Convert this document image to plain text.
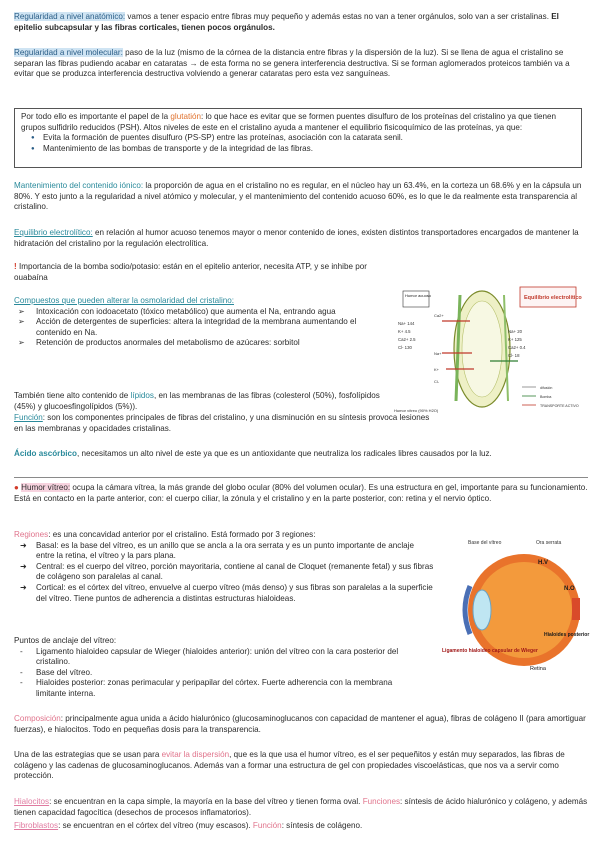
Regularidad a nivel anatómico: vamos a tener espacio entre fibras muy pequeño y además estas no van a tener orgánulos, solo van a ser cristalinas. El epitelio subcapsular y las fibras corticales, tienen pocos orgánulos.

Regularidad a nivel molecular: paso de la luz (mismo de la córnea de la distancia entre fibras y la dispersión de la luz). Si se llena de agua el cristalino se separan las fibras pudiendo acabar en cataratas → de esta forma no se genera interferencia destructiva. Si se forman aglomerados proteicos también va a evitar que se produzca interferencia destructiva volviendo a generar cataratas pero esta vez sanguíneas.

Por todo ello es importante el papel de la glutatión: lo que hace es evitar que se formen puentes disulfuro de los proteínas del cristalino ya que tienen grupos sulfidrilo reducidos (PSH). Altos niveles de este en el cristalino ayuda a mantener el equilibrio fisicoquímico de las proteínas, ya que:

● Evita la formación de puentes disulfuro (PS-SP) entre las proteínas, asociación con la catarata senil.
● Mantenimiento de las bombas de transporte y de la integridad de las fibras.

Mantenimiento del contenido iónico: la proporción de agua en el cristalino no es regular, en el núcleo hay un 63.4%, en la corteza un 68.6% y en la cápsula un 80%. Y esto junto a la regularidad a nivel atómico y molecular, y el mantenimiento del contenido acuoso 60%, es lo que le da realmente esta transparencia al cristalino.

Equilibrio electrolítico: en relación al humor acuoso tenemos mayor o menor contenido de iones, existen distintos transportadores encargados de mantener la hidratación del cristalino por la regulación electrolítica.

! Importancia de la bomba sodio/potasio: están en el epitelio anterior, necesita ATP, y se inhibe por ouabaína

Compuestos que pueden alterar la osmolaridad del cristalino:

➢ Intoxicación con iodoacetato (tóxico metabólico) que aumenta el Na, entrando agua
➢ Acción de detergentes de superficies: altera la integridad de la membrana aumentando el contenido en Na.
➢ Retención de productos anormales del metabolismo de azúcares: sorbitol
Humor acuoso	Equilibrio electrolítico
Na+ 144
K+ 4.5
Ca2+ 2.5
Cl- 130
Na+ 20
K+ 125
Ca2+ 0.4
Cl- 18
Ca2+
Na+
K+
Cl-
Humor vítreo (90% H2O)
difusión
Bomba
TRANSPORTE ACTIVO

También tiene alto contenido de lípidos, en las membranas de las fibras (colesterol (50%), fosfolípidos (45%) y glucoesfingolípidos (5%)).

Función: son los componentes principales de fibras del cristalino, y una disminución en su síntesis provoca lesiones en las membranas y opacidades cristalinas.

Ácido ascórbico, necesitamos un alto nivel de este ya que es un antioxidante que neutraliza los radicales libres causados por la luz.

● Humor vítreo: ocupa la cámara vítrea, la más grande del globo ocular (80% del volumen ocular). Es una estructura en gel, importante para su funcionamiento. Está en contacto en la parte anterior, con: el cuerpo ciliar, la zónula y el cristalino y en la parte posterior, con: retina y el nervio óptico.

Regiones: es una concavidad anterior por el cristalino. Está formado por 3 regiones:

➜ Basal: es la base del vítreo, es un anillo que se ancla a la ora serrata y es un punto importante de anclaje entre la retina, el vítreo y la pars plana.
➜ Central: es el cuerpo del vítreo, porción mayoritaria, contiene al canal de Cloquet (remanente fetal) y sus fibras de colágeno son paralelas al canal.
➜ Cortical: es el córtex del vítreo, envuelve al cuerpo vítreo (más denso) y sus fibras son paralelas a la superficie del vítreo. Tiene puntos de adherencia a distintas estructuras hialoideas.
Base del vítreo	Ora serrata
H.V
N.O
Hialoides posterior
Ligamento hialoideo capsular de Wieger
Retina

Puntos de anclaje del vítreo:

- Ligamento hialoideo capsular de Wieger (hialoides anterior): unión del vítreo con la cara posterior del cristalino.
- Base del vítreo.
- Hialoides posterior: zonas perimacular y peripapilar del córtex. Fuerte adherencia con la membrana limitante interna.

Composición: principalmente agua unida a ácido hialurónico (glucosaminoglucanos con capacidad de mantener el agua), fibras de colágeno II (para amortiguar fuerzas), e hialocitos. Todo en pequeñas dosis para la transparencia.

Una de las estrategias que se usan para evitar la dispersión, que es la que usa el humor vítreo, es el ser pequeñitos y están muy separados, las fibras de colágeno y las cadenas de glucosaminoglucanos. Además van a formar una estructura de gel con propiedades viscoelásticas, que nos va a servir como protección.

Hialocitos: se encuentran en la capa simple, la mayoría en la base del vítreo y tienen forma oval. Funciones: síntesis de ácido hialurónico y colágeno, y además tienen capacidad fagocítica (desechos de procesos inflamatorios).

Fibroblastos: se encuentran en el córtex del vítreo (muy escasos). Función: síntesis de colágeno.
